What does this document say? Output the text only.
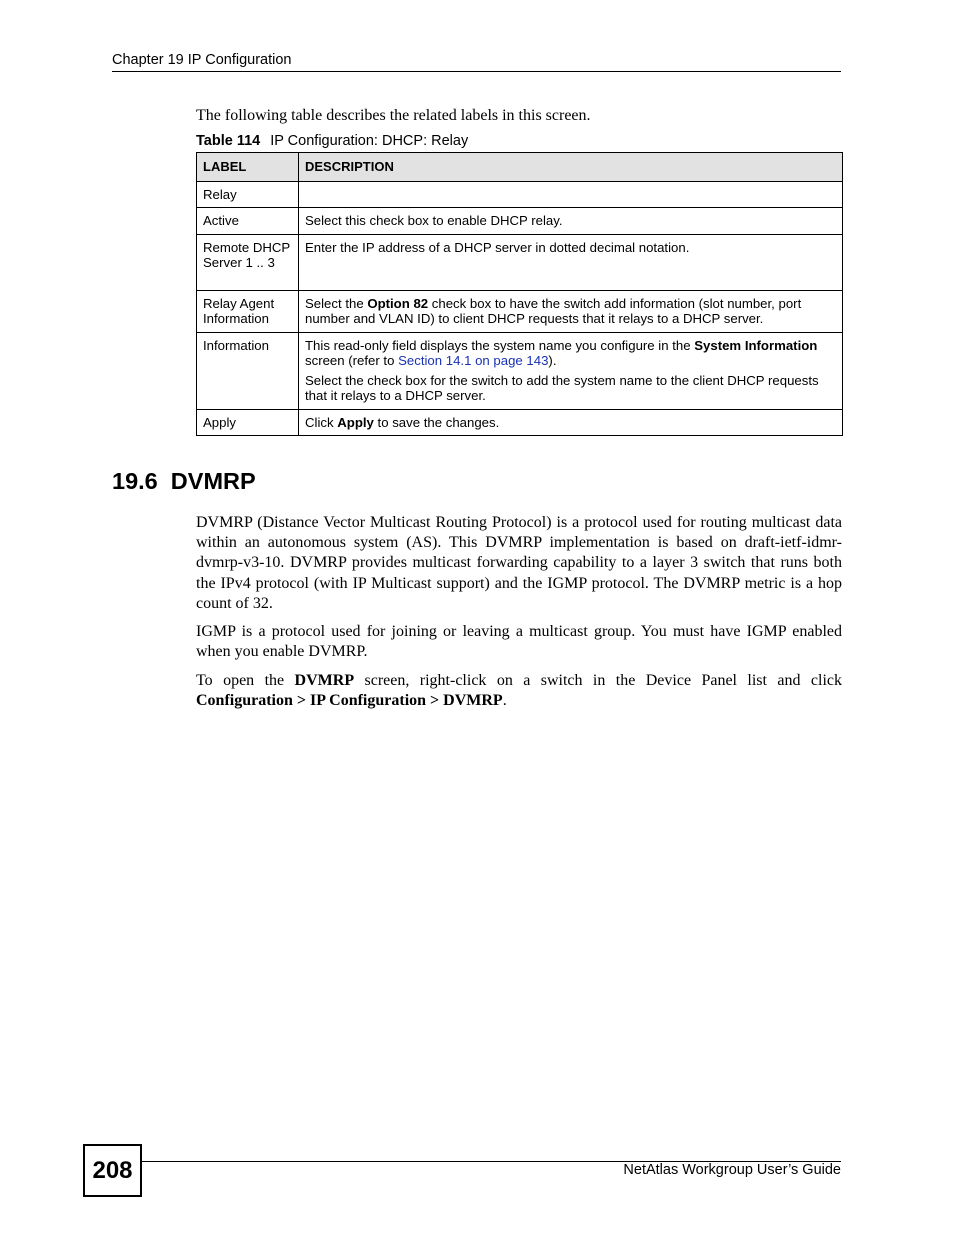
Chapter 19 IP Configuration
The following table describes the related labels in this screen.
Table 114 IP Configuration: DHCP: Relay
LABEL	DESCRIPTION
Relay	
Active	Select this check box to enable DHCP relay.
Remote DHCP Server 1 .. 3	Enter the IP address of a DHCP server in dotted decimal notation.
Relay Agent Information	Select the Option 82 check box to have the switch add information (slot number, port number and VLAN ID) to client DHCP requests that it relays to a DHCP server.
Information	This read-only field displays the system name you configure in the System Information screen (refer to Section 14.1 on page 143).

Select the check box for the switch to add the system name to the client DHCP requests that it relays to a DHCP server.

Apply	Click Apply to save the changes.
19.6  DVMRP

DVMRP (Distance Vector Multicast Routing Protocol) is a protocol used for routing multicast data within an autonomous system (AS). This DVMRP implementation is based on draft-ietf-idmr-dvmrp-v3-10. DVMRP provides multicast forwarding capability to a layer 3 switch that runs both the IPv4 protocol (with IP Multicast support) and the IGMP protocol. The DVMRP metric is a hop count of 32.

IGMP is a protocol used for joining or leaving a multicast group. You must have IGMP enabled when you enable DVMRP.

To open the DVMRP screen, right-click on a switch in the Device Panel list and click Configuration > IP Configuration > DVMRP.

208	NetAtlas Workgroup User’s Guide
